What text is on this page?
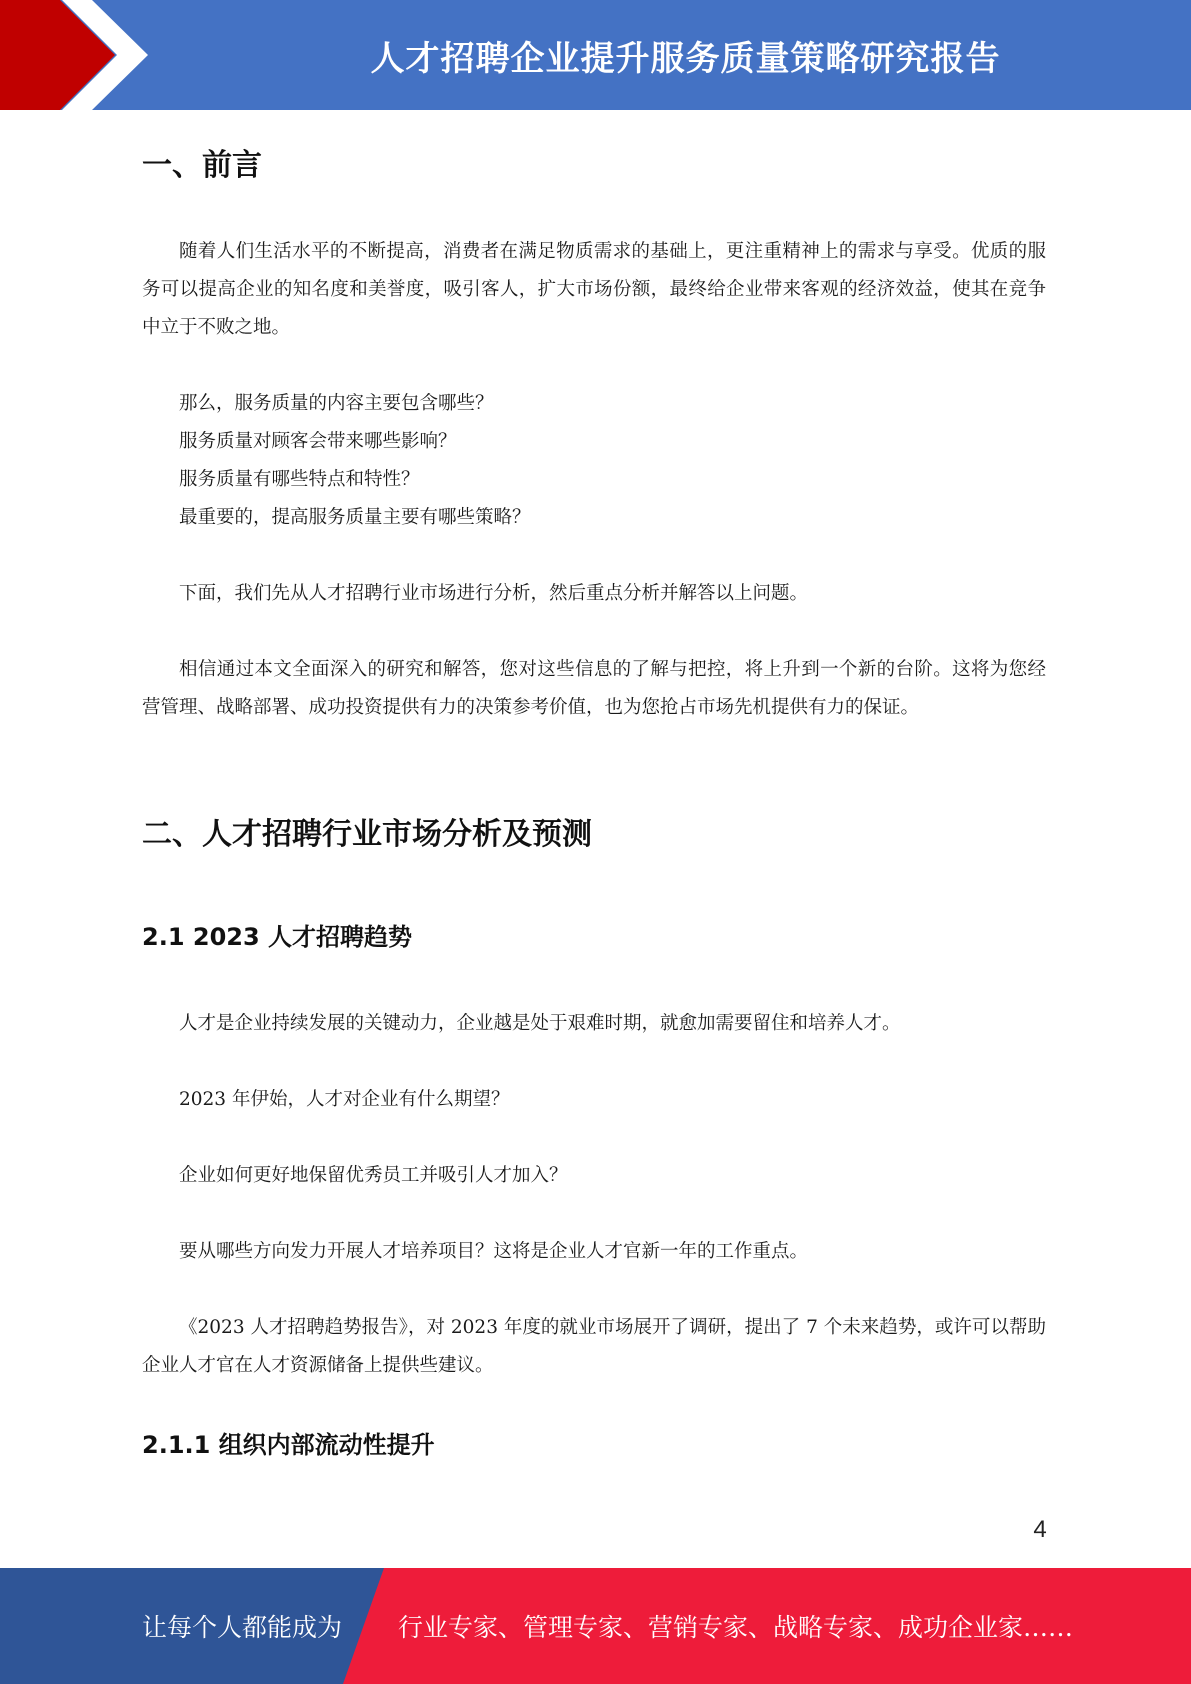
人才招聘企业提升服务质量策略研究报告
一、前言

随着人们生活水平的不断提高，消费者在满足物质需求的基础上，更注重精神上的需求与享受。优质的服务可以提高企业的知名度和美誉度，吸引客人，扩大市场份额，最终给企业带来客观的经济效益，使其在竞争中立于不败之地。

那么，服务质量的内容主要包含哪些？

服务质量对顾客会带来哪些影响？

服务质量有哪些特点和特性？

最重要的，提高服务质量主要有哪些策略？

下面，我们先从人才招聘行业市场进行分析，然后重点分析并解答以上问题。

相信通过本文全面深入的研究和解答，您对这些信息的了解与把控，将上升到一个新的台阶。这将为您经营管理、战略部署、成功投资提供有力的决策参考价值，也为您抢占市场先机提供有力的保证。

二、人才招聘行业市场分析及预测
2.1 2023 人才招聘趋势

人才是企业持续发展的关键动力，企业越是处于艰难时期，就愈加需要留住和培养人才。

2023 年伊始，人才对企业有什么期望？

企业如何更好地保留优秀员工并吸引人才加入？

要从哪些方向发力开展人才培养项目？这将是企业人才官新一年的工作重点。

《2023 人才招聘趋势报告》，对 2023 年度的就业市场展开了调研，提出了 7 个未来趋势，或许可以帮助企业人才官在人才资源储备上提供些建议。

2.1.1 组织内部流动性提升
4
让每个人都能成为 行业专家、管理专家、营销专家、战略专家、成功企业家……
